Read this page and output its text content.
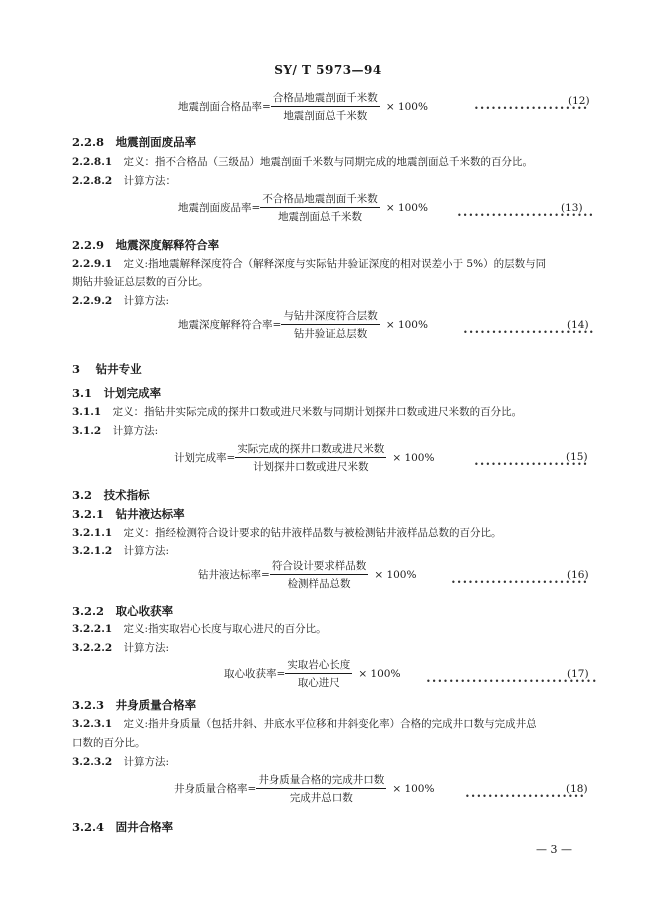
SY/ T 5973—94
地震剖面合格品率= $\frac{\text{合格品地震剖面千米数}}{\text{地震剖面总千米数}} \times 100\%$	••••••••••••••••••••
(12)
2.2.8 地震剖面废品率
2.2.8.1 定义：指不合格品（三级品）地震剖面千米数与同期完成的地震剖面总千米数的百分比。
2.2.8.2 计算方法：
地震剖面废品率= $\frac{\text{不合格品地震剖面千米数}}{\text{地震剖面总千米数}} \times 100\%$
••••••••••••••••••••••••
(13)
2.2.9 地震深度解释符合率
2.2.9.1 定义:指地震解释深度符合（解释深度与实际钻井验证深度的相对误差小于 5%）的层数与同
期钻井验证总层数的百分比。
2.2.9.2 计算方法:
地震深度解释符合率= $\frac{\text{与钻井深度符合层数}}{\text{钻井验证总层数}} \times 100\%$
•••••••••••••••••••••••
(14)
3 钻井专业
3.1 计划完成率
3.1.1 定义：指钻井实际完成的探井口数或进尺米数与同期计划探井口数或进尺米数的百分比。
3.1.2 计算方法:
计划完成率= $\frac{\text{实际完成的探井口数或进尺米数}}{\text{计划探井口数或进尺米数}} \times 100\%$
••••••••••••••••••••
(15)
3.2 技术指标
3.2.1 钻井液达标率
3.2.1.1 定义：指经检测符合设计要求的钻井液样品数与被检测钻井液样品总数的百分比。
3.2.1.2 计算方法:
钻井液达标率= $\frac{\text{符合设计要求样品数}}{\text{检测样品总数}} \times 100\%$
••••••••••••••••••••••••
(16)
3.2.2 取心收获率
3.2.2.1 定义:指实取岩心长度与取心进尺的百分比。
3.2.2.2 计算方法:
取心收获率= $\frac{\text{实取岩心长度}}{\text{取心进尺}} \times 100\%$
••••••••••••••••••••••••••••••
(17)
3.2.3 井身质量合格率
3.2.3.1 定义:指井身质量（包括井斜、井底水平位移和井斜变化率）合格的完成井口数与完成井总
口数的百分比。
3.2.3.2 计算方法:
井身质量合格率= $\frac{\text{井身质量合格的完成井口数}}{\text{完成井总口数}} \times 100\%$
•••••••••••••••••••••
(18)
3.2.4 固井合格率
— 3 —
